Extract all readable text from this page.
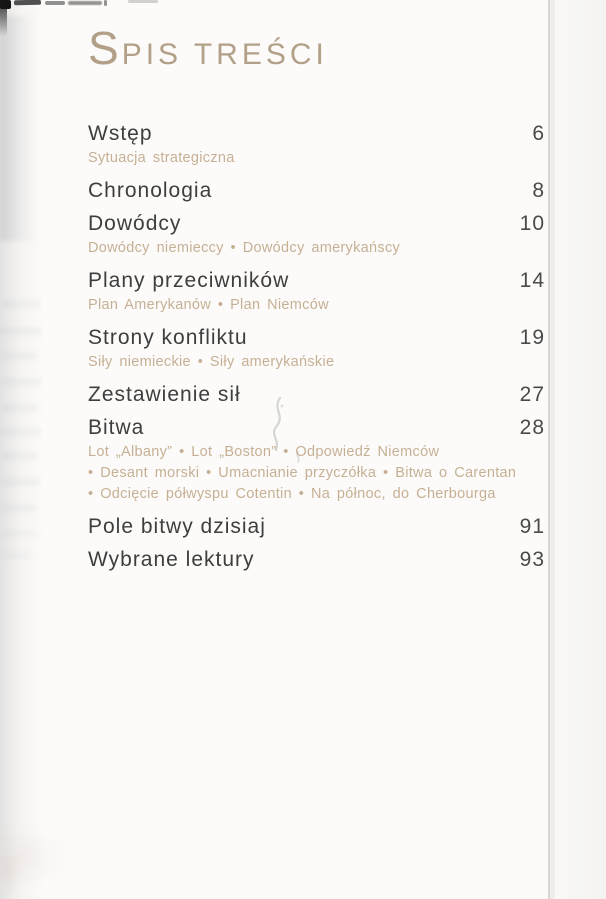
SPIS TREŚCI
Wstęp	6
Sytuacja strategiczna
Chronologia	8
Dowódcy	10
Dowódcy niemieccy • Dowódcy amerykańscy
Plany przeciwników	14
Plan Amerykanów • Plan Niemców
Strony konfliktu	19
Siły niemieckie • Siły amerykańskie
Zestawienie sił	27
Bitwa	28
Lot „Albany” • Lot „Boston” • Odpowiedź Niemców
• Desant morski • Umacnianie przyczółka • Bitwa o Carentan
• Odcięcie półwyspu Cotentin • Na północ, do Cherbourga
Pole bitwy dzisiaj	91
Wybrane lektury	93
